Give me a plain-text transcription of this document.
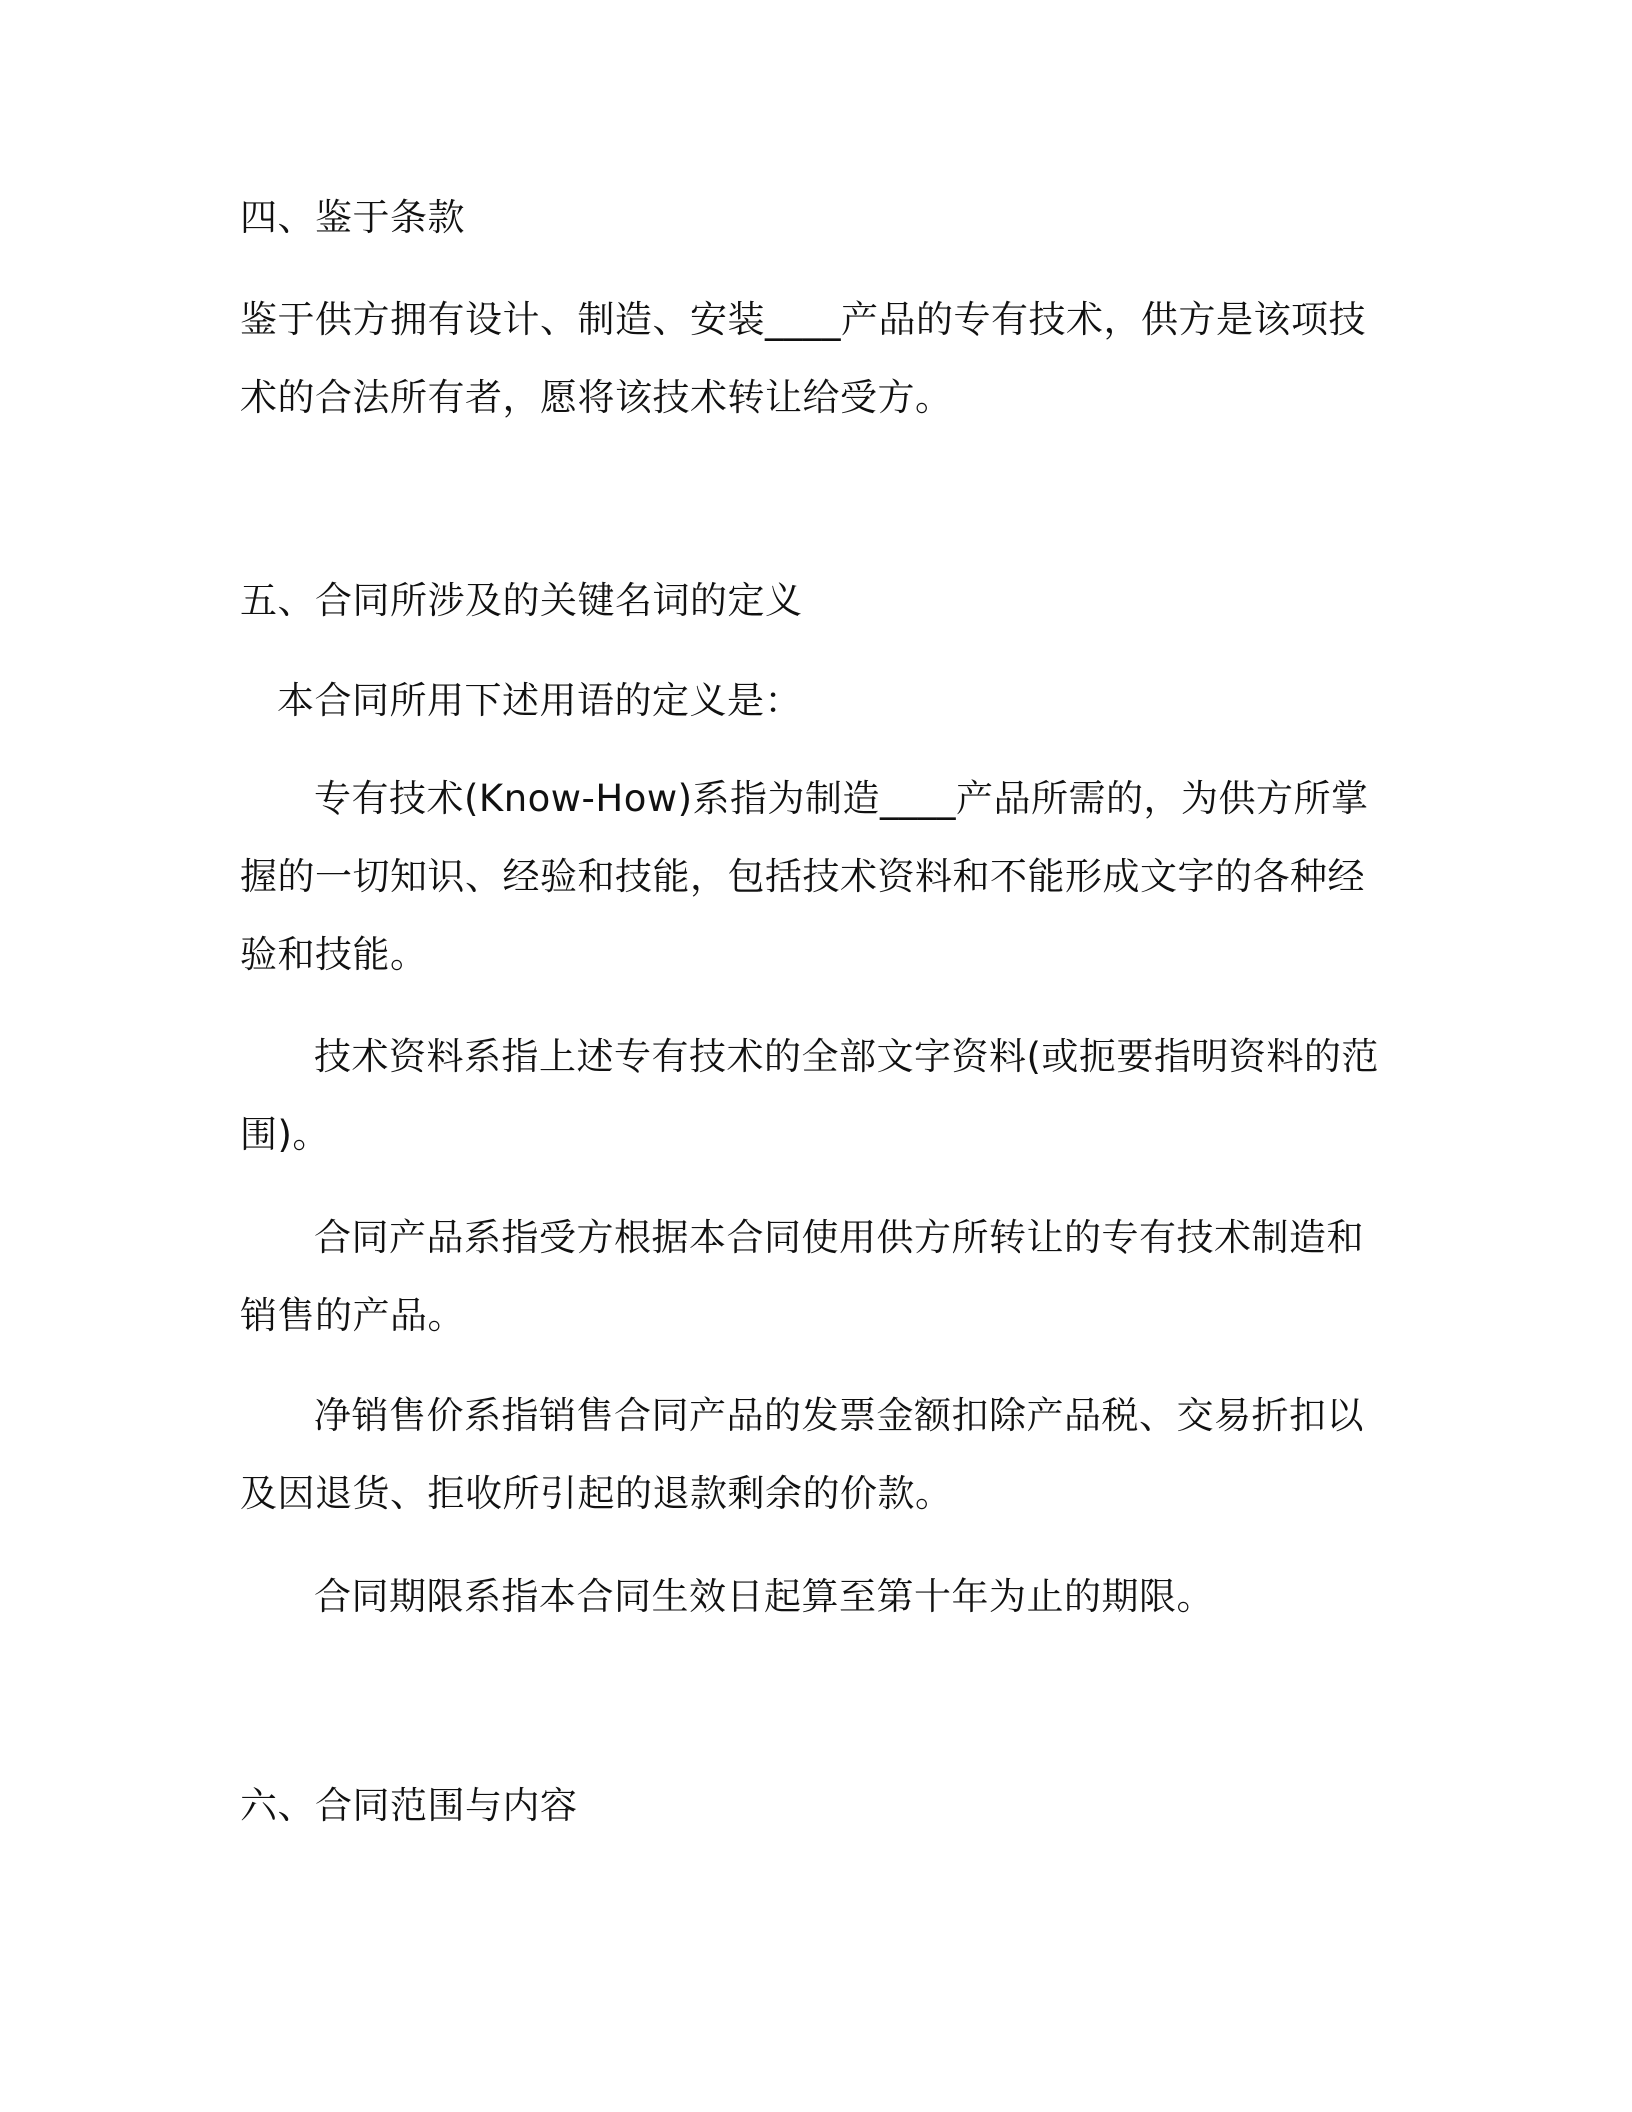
四、鉴于条款
鉴于供方拥有设计、制造、安装____产品的专有技术，供方是该项技术的合法所有者，愿将该技术转让给受方。
五、合同所涉及的关键名词的定义
本合同所用下述用语的定义是：
专有技术(Know-How)系指为制造____产品所需的，为供方所掌握的一切知识、经验和技能，包括技术资料和不能形成文字的各种经验和技能。
技术资料系指上述专有技术的全部文字资料(或扼要指明资料的范围)。
合同产品系指受方根据本合同使用供方所转让的专有技术制造和销售的产品。
净销售价系指销售合同产品的发票金额扣除产品税、交易折扣以及因退货、拒收所引起的退款剩余的价款。
合同期限系指本合同生效日起算至第十年为止的期限。
六、合同范围与内容
